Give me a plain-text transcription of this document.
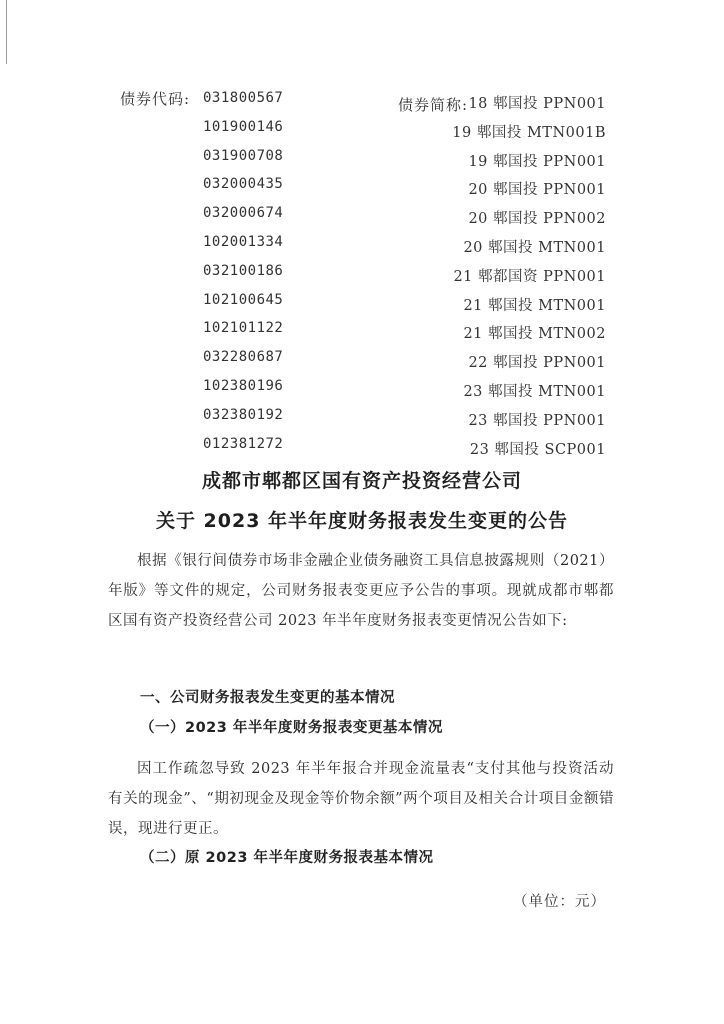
债券代码: 031800567
101900146
031900708
032000435
032000674
102001334
032100186
102100645
102101122
032280687
102380196
032380192
012381272
债券简称: 18 郫国投 PPN001
19 郫国投 MTN001B
19 郫国投 PPN001
20 郫国投 PPN001
20 郫国投 PPN002
20 郫国投 MTN001
21 郫都国资 PPN001
21 郫国投 MTN001
21 郫国投 MTN002
22 郫国投 PPN001
23 郫国投 MTN001
23 郫国投 PPN001
23 郫国投 SCP001
成都市郫都区国有资产投资经营公司
关于 2023 年半年度财务报表发生变更的公告

根据《银行间债券市场非金融企业债务融资工具信息披露规则（2021）年版》等文件的规定，公司财务报表变更应予公告的事项。现就成都市郫都区国有资产投资经营公司 2023 年半年度财务报表变更情况公告如下:

一、公司财务报表发生变更的基本情况

（一）2023 年半年度财务报表变更基本情况

因工作疏忽导致 2023 年半年报合并现金流量表“支付其他与投资活动有关的现金”、“期初现金及现金等价物余额”两个项目及相关合计项目金额错误，现进行更正。

（二）原 2023 年半年度财务报表基本情况

（单位：元）
